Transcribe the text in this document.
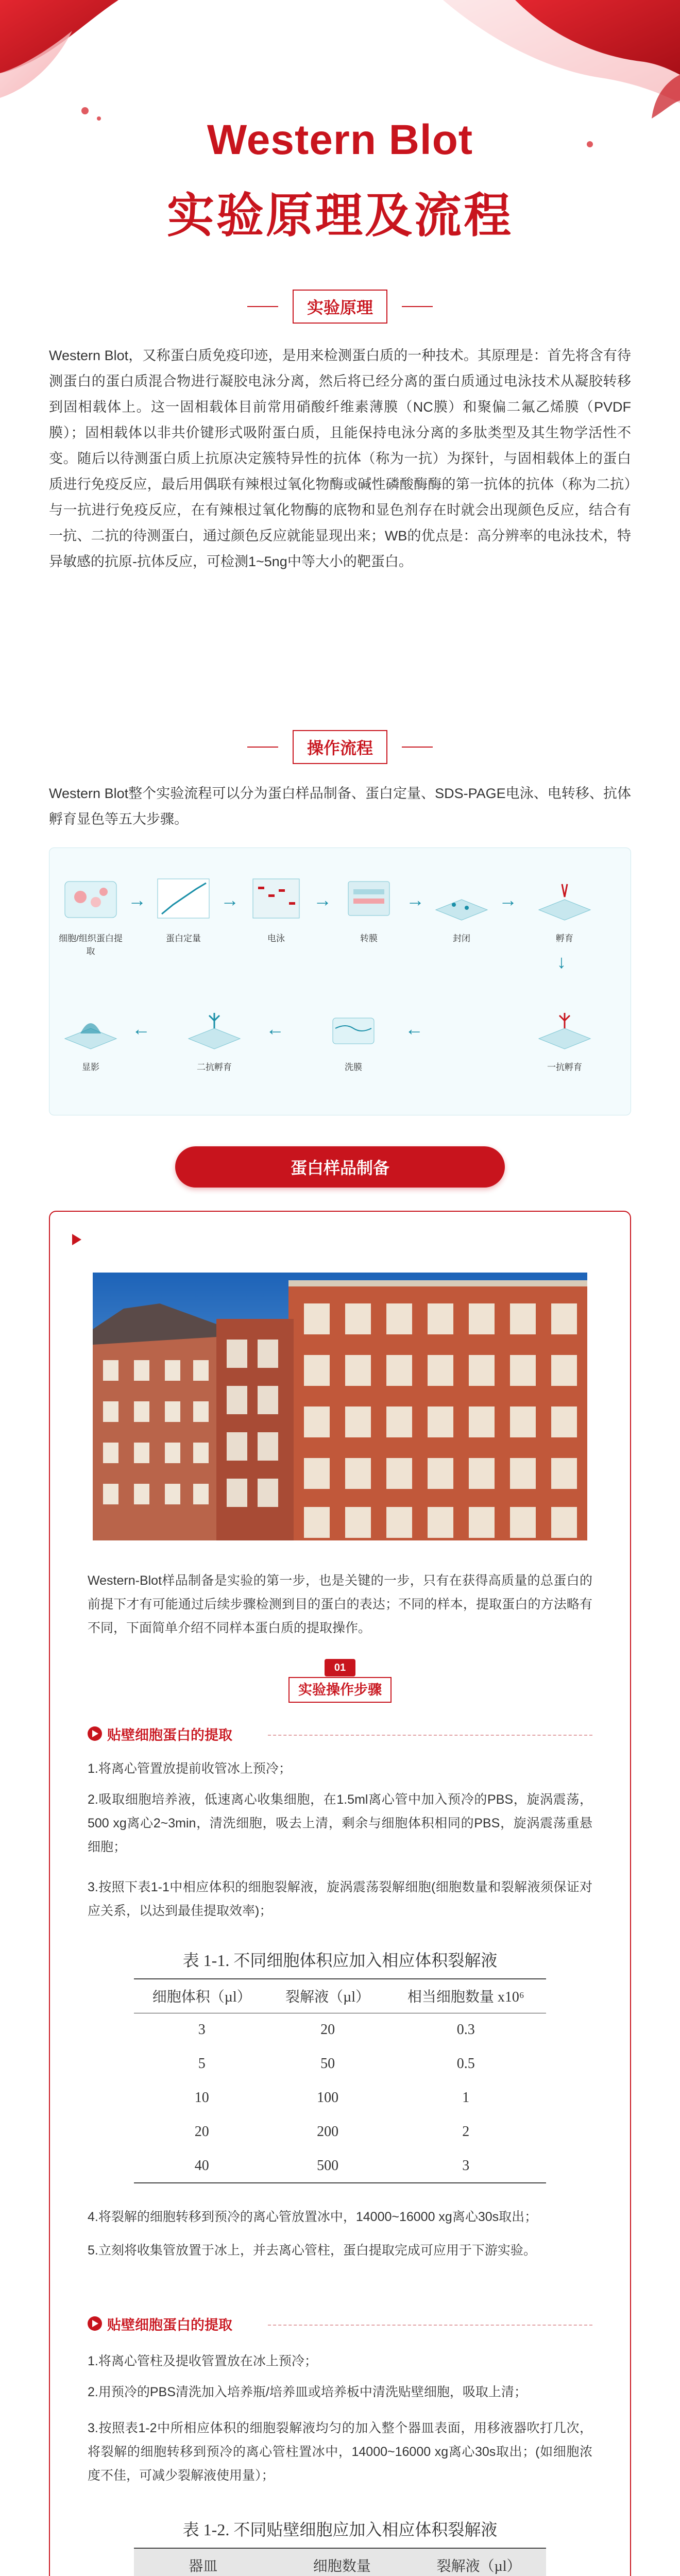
Western Blot
实验原理及流程
实验原理
Western Blot，又称蛋白质免疫印迹，是用来检测蛋白质的一种技术。其原理是：首先将含有待测蛋白的蛋白质混合物进行凝胶电泳分离，然后将已经分离的蛋白质通过电泳技术从凝胶转移到固相载体上。这一固相载体目前常用硝酸纤维素薄膜（NC膜）和聚偏二氟乙烯膜（PVDF膜）；固相载体以非共价键形式吸附蛋白质，且能保持电泳分离的多肽类型及其生物学活性不变。随后以待测蛋白质上抗原决定簇特异性的抗体（称为一抗）为探针，与固相载体上的蛋白质进行免疫反应，最后用偶联有辣根过氧化物酶或碱性磷酸酶酶的第一抗体的抗体（称为二抗）与一抗进行免疫反应，在有辣根过氧化物酶的底物和显色剂存在时就会出现颜色反应，结合有一抗、二抗的待测蛋白，通过颜色反应就能显现出来；WB的优点是：高分辨率的电泳技术，特异敏感的抗原-抗体反应，可检测1~5ng中等大小的靶蛋白。
操作流程
Western Blot整个实验流程可以分为蛋白样品制备、蛋白定量、SDS-PAGE电泳、电转移、抗体孵育显色等五大步骤。
细胞/组织蛋白提取
→
蛋白定量
→
电泳
→
转膜
→
封闭
→
孵育
↓
显影
←
二抗孵育
←
洗膜
←
一抗孵育
蛋白样品制备
Western-Blot样品制备是实验的第一步，也是关键的一步，只有在获得高质量的总蛋白的前提下才有可能通过后续步骤检测到目的蛋白的表达；不同的样本，提取蛋白的方法略有不同，下面简单介绍不同样本蛋白质的提取操作。
01
实验操作步骤
贴壁细胞蛋白的提取
1.将离心管置放提前收管冰上预冷；
2.吸取细胞培养液，低速离心收集细胞，在1.5ml离心管中加入预冷的PBS，旋涡震荡，500 xg离心2~3min，清洗细胞，吸去上清，剩余与细胞体积相同的PBS，旋涡震荡重悬细胞；
3.按照下表1-1中相应体积的细胞裂解液，旋涡震荡裂解细胞(细胞数量和裂解液须保证对应关系，以达到最佳提取效率)；
表 1-1. 不同细胞体积应加入相应体积裂解液
细胞体积（µl）	裂解液（µl）	相当细胞数量 x10⁶
3	20	0.3
5	50	0.5
10	100	1
20	200	2
40	500	3
4.将裂解的细胞转移到预冷的离心管放置冰中，14000~16000 xg离心30s取出；
5.立刻将收集管放置于冰上，并去离心管柱，蛋白提取完成可应用于下游实验。
贴壁细胞蛋白的提取
1.将离心管柱及提收管置放在冰上预冷；
2.用预冷的PBS清洗加入培养瓶/培养皿或培养板中清洗贴壁细胞，吸取上清；
3.按照表1-2中所相应体积的细胞裂解液均匀的加入整个器皿表面，用移液器吹打几次，将裂解的细胞转移到预冷的离心管柱置冰中，14000~16000 xg离心30s取出；(如细胞浓度不佳，可减少裂解液使用量）；
表 1-2. 不同贴壁细胞应加入相应体积裂解液
器皿	细胞数量	裂解液（µl）
